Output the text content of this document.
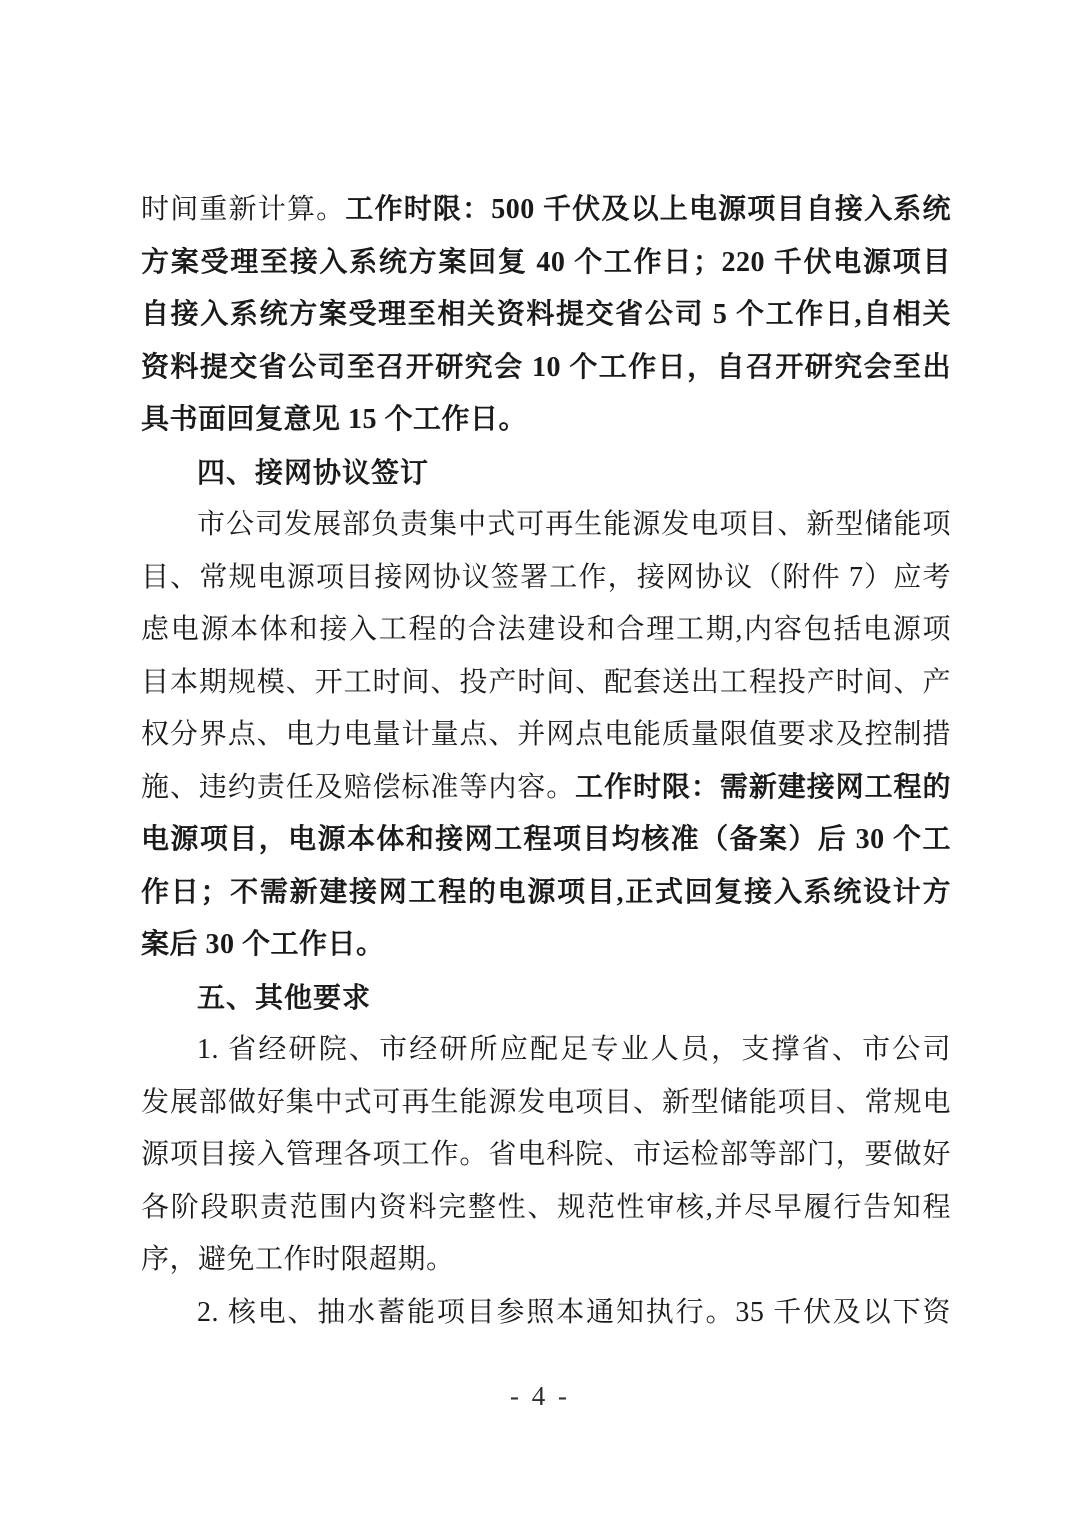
时间重新计算。工作时限：500 千伏及以上电源项目自接入系统
方案受理至接入系统方案回复 40 个工作日；220 千伏电源项目
自接入系统方案受理至相关资料提交省公司 5 个工作日,自相关
资料提交省公司至召开研究会 10 个工作日，自召开研究会至出
具书面回复意见 15 个工作日。
四、接网协议签订
市公司发展部负责集中式可再生能源发电项目、新型储能项
目、常规电源项目接网协议签署工作，接网协议（附件 7）应考
虑电源本体和接入工程的合法建设和合理工期,内容包括电源项
目本期规模、开工时间、投产时间、配套送出工程投产时间、产
权分界点、电力电量计量点、并网点电能质量限值要求及控制措
施、违约责任及赔偿标准等内容。工作时限：需新建接网工程的
电源项目，电源本体和接网工程项目均核准（备案）后 30 个工
作日；不需新建接网工程的电源项目,正式回复接入系统设计方
案后 30 个工作日。
五、其他要求
1. 省经研院、市经研所应配足专业人员，支撑省、市公司
发展部做好集中式可再生能源发电项目、新型储能项目、常规电
源项目接入管理各项工作。省电科院、市运检部等部门，要做好
各阶段职责范围内资料完整性、规范性审核,并尽早履行告知程
序，避免工作时限超期。
2. 核电、抽水蓄能项目参照本通知执行。35 千伏及以下资
- 4 -
